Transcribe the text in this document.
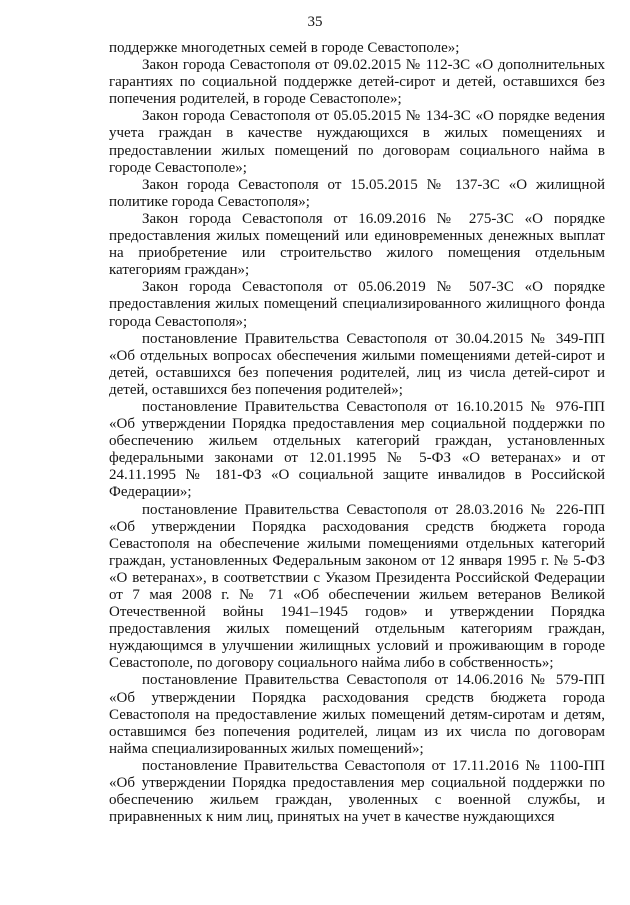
35

поддержке многодетных семей в городе Севастополе»;

Закон города Севастополя от 09.02.2015 № 112-ЗС «О дополнительных гарантиях по социальной поддержке детей-сирот и детей, оставшихся без попечения родителей, в городе Севастополе»;

Закон города Севастополя от 05.05.2015 № 134-ЗС «О порядке ведения учета граждан в качестве нуждающихся в жилых помещениях и предоставлении жилых помещений по договорам социального найма в городе Севастополе»;

Закон города Севастополя от 15.05.2015 № 137-ЗС «О жилищной политике города Севастополя»;

Закон города Севастополя от 16.09.2016 № 275-ЗС «О порядке предоставления жилых помещений или единовременных денежных выплат на приобретение или строительство жилого помещения отдельным категориям граждан»;

Закон города Севастополя от 05.06.2019 № 507-ЗС «О порядке предоставления жилых помещений специализированного жилищного фонда города Севастополя»;

постановление Правительства Севастополя от 30.04.2015 № 349-ПП «Об отдельных вопросах обеспечения жилыми помещениями детей-сирот и детей, оставшихся без попечения родителей, лиц из числа детей-сирот и детей, оставшихся без попечения родителей»;

постановление Правительства Севастополя от 16.10.2015 № 976-ПП «Об утверждении Порядка предоставления мер социальной поддержки по обеспечению жильем отдельных категорий граждан, установленных федеральными законами от 12.01.1995 № 5-ФЗ «О ветеранах» и от 24.11.1995 № 181-ФЗ «О социальной защите инвалидов в Российской Федерации»;

постановление Правительства Севастополя от 28.03.2016 № 226-ПП «Об утверждении Порядка расходования средств бюджета города Севастополя на обеспечение жилыми помещениями отдельных категорий граждан, установленных Федеральным законом от 12 января 1995 г. № 5-ФЗ «О ветеранах», в соответствии с Указом Президента Российской Федерации от 7 мая 2008 г. № 71 «Об обеспечении жильем ветеранов Великой Отечественной войны 1941–1945 годов» и утверждении Порядка предоставления жилых помещений отдельным категориям граждан, нуждающимся в улучшении жилищных условий и проживающим в городе Севастополе, по договору социального найма либо в собственность»;

постановление Правительства Севастополя от 14.06.2016 № 579-ПП «Об утверждении Порядка расходования средств бюджета города Севастополя на предоставление жилых помещений детям-сиротам и детям, оставшимся без попечения родителей, лицам из их числа по договорам найма специализированных жилых помещений»;

постановление Правительства Севастополя от 17.11.2016 № 1100-ПП «Об утверждении Порядка предоставления мер социальной поддержки по обеспечению жильем граждан, уволенных с военной службы, и приравненных к ним лиц, принятых на учет в качестве нуждающихся
